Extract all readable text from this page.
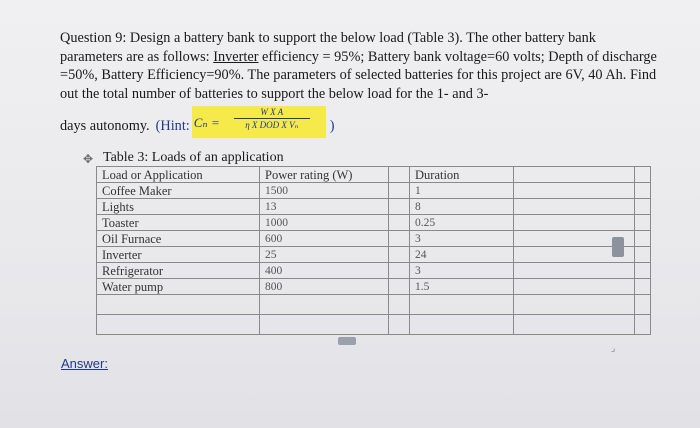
Question 9: Design a battery bank to support the below load (Table 3). The other battery bank parameters are as follows: Inverter efficiency = 95%; Battery bank voltage=60 volts; Depth of discharge =50%, Battery Efficiency=90%. The parameters of selected batteries for this project are 6V, 40 Ah. Find out the total number of batteries to support the below load for the 1- and 3-
days autonomy. (Hint: Cₙ =
W X A
η X DOD X Vₙ	)
✥ Table 3: Loads of an application
Load or Application	Power rating (W)		Duration		
Coffee Maker	1500		1		
Lights	13		8		
Toaster	1000		0.25		
Oil Furnace	600		3		
Inverter	25		24		
Refrigerator	400		3		
Water pump	800		1.5		

⌟
Answer:
